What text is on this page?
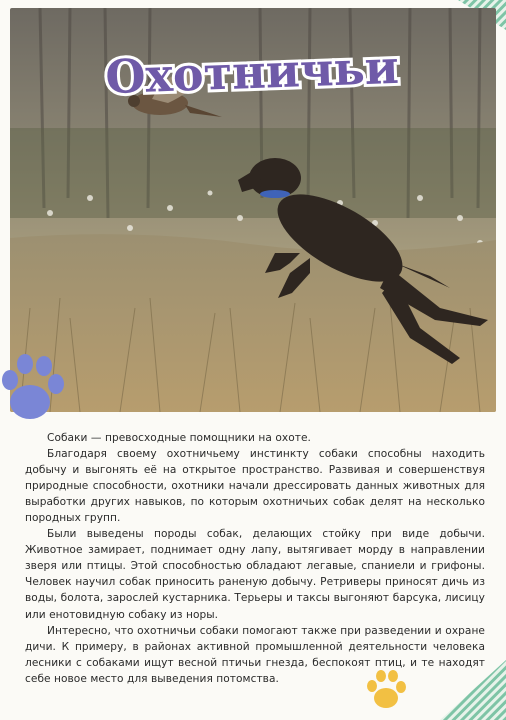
Охотничьи

Собаки — превосходные помощники на охоте.

Благодаря своему охотничьему инстинкту собаки способны находить добычу и выгонять её на открытое пространство. Развивая и совершенствуя природные способности, охотники начали дрессировать данных животных для выработки других навыков, по которым охотничьих собак делят на несколько породных групп.

Были выведены породы собак, делающих стойку при виде добычи. Животное замирает, поднимает одну лапу, вытягивает морду в направлении зверя или птицы. Этой способностью обладают легавые, спаниели и грифоны. Человек научил собак приносить раненую добычу. Ретриверы приносят дичь из воды, болота, зарослей кустарника. Терьеры и таксы выгоняют барсука, лисицу или енотовидную собаку из норы.

Интересно, что охотничьи собаки помогают также при разведении и охране дичи. К примеру, в районах активной промышленной деятельности человека лесники с собаками ищут весной птичьи гнезда, беспокоят птиц, и те находят себе новое место для выведения потомства.
